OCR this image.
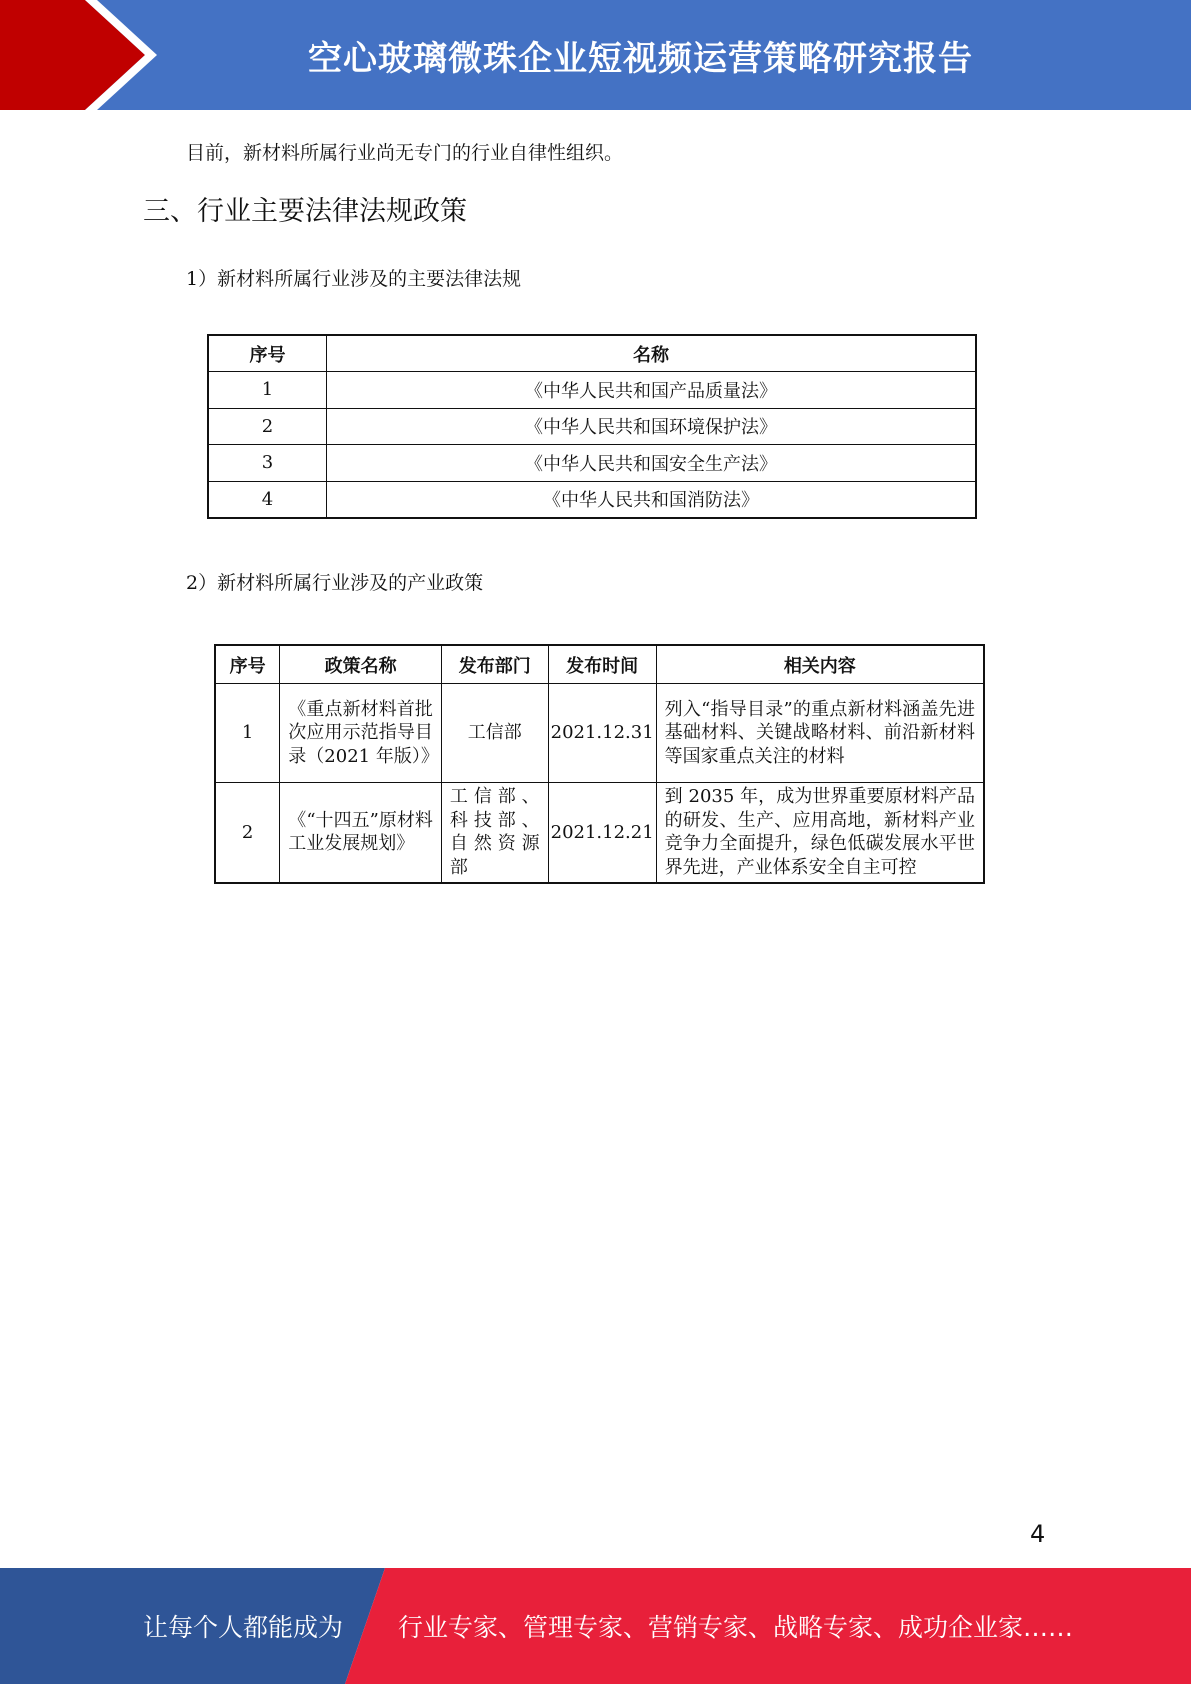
空心玻璃微珠企业短视频运营策略研究报告
目前，新材料所属行业尚无专门的行业自律性组织。
三、行业主要法律法规政策
1）新材料所属行业涉及的主要法律法规
序号	名称
1	《中华人民共和国产品质量法》
2	《中华人民共和国环境保护法》
3	《中华人民共和国安全生产法》
4	《中华人民共和国消防法》
2）新材料所属行业涉及的产业政策
序号	政策名称	发布部门	发布时间	相关内容
1	《重点新材料首批次应用示范指导目录（2021 年版）》	工信部	2021.12.31	列入“指导目录”的重点新材料涵盖先进基础材料、关键战略材料、前沿新材料等国家重点关注的材料
2	《“十四五”原材料工业发展规划》	工信部、科技部、自然资源部	2021.12.21	到 2035 年，成为世界重要原材料产品的研发、生产、应用高地，新材料产业竞争力全面提升，绿色低碳发展水平世界先进，产业体系安全自主可控
4
让每个人都能成为 行业专家、管理专家、营销专家、战略专家、成功企业家……
